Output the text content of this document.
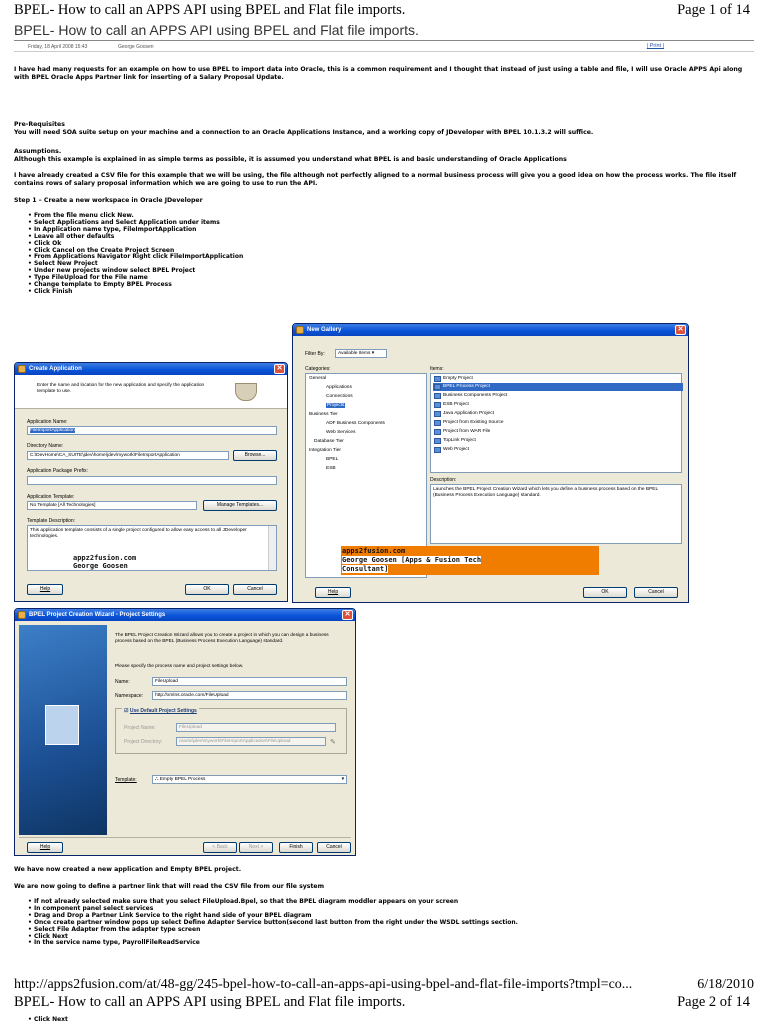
BPEL- How to call an APPS API using BPEL and Flat file imports.	Page 1 of 14
BPEL- How to call an APPS API using BPEL and Flat file imports.
Friday, 18 April 2008 15:43	George Goosen	| Print |
I have had many requests for an example on how to use BPEL to import data into Oracle, this is a common requirement and I thought that instead of just using a table and file, I will use Oracle APPS Api along with BPEL Oracle Apps Partner link for inserting of a Salary Proposal Update.
Pre-Requisites
You will need SOA suite setup on your machine and a connection to an Oracle Applications Instance, and a working copy of JDeveloper with BPEL 10.1.3.2 will suffice.
Assumptions.
Although this example is explained in as simple terms as possible, it is assumed you understand what BPEL is and basic understanding of Oracle Applications
I have already created a CSV file for this example that we will be using, the file although not perfectly aligned to a normal business process will give you a good idea on how the process works. The file itself contains rows of salary proposal information which we are going to use to run the API.
Step 1 – Create a new workspace in Oracle JDeveloper
• From the file menu click New.
• Select Applications and Select Application under items
• In Application name type, FileImportApplication
• Leave all other defaults
• Click Ok
• Click Cancel on the Create Project Screen
• From Applications Navigator Right click FileImportApplication
• Select New Project
• Under new projects window select BPEL Project
• Type FileUpload for the File name
• Change template to Empty BPEL Process
• Click Finish
New Gallery	✕
Filter By:	Available Items ▾
Categories:
General
Applications
Connections
Projects
Business Tier
ADF Business Components
Web Services
Database Tier
Integration Tier
BPEL
ESB
Items:
Empty Project
BPEL Process Project
Business Components Project
ESB Project
Java Application Project
Project from Existing Source
Project from WAR File
TopLink Project
Web Project
Description:
Launches the BPEL Project Creation Wizard which lets you define a business process based on the BPEL (Business Process Execution Language) standard.
apps2fusion.com
George Goosen [Apps & Fusion Tech
Consultant]
Help	OK	Cancel
Create Application	✕
Enter the name and location for the new application and specify the application template to use.
Application Name:
FileImportApplication
Directory Name:
C:\DevHome\CA_SUITE\jdev\home\jdev\mywork\FileImportApplication	Browse...
Application Package Prefix:
Application Template:
No Template [All Technologies]	Manage Templates...
Template Description:
This application template consists of a single project configured to allow easy access to all JDeveloper technologies.
appz2fusion.com
George Goosen
Help	OK	Cancel
BPEL Project Creation Wizard - Project Settings	✕
The BPEL Project Creation Wizard allows you to create a project in which you can design a business process based on the BPEL (Business Process Execution Language) standard.
Please specify the process name and project settings below.
Name:	FileUpload
Namespace:	http://xmlns.oracle.com/FileUpload
☑ Use Default Project Settings
Project Name:	FileUpload
Project Directory:	oracle\jdev\mywork\FileImportApplication\FileUpload	✎
Template:	⛬ Empty BPEL Process	▾
Help	< Back	Next >	Finish	Cancel
We have now created a new application and Empty BPEL project.
We are now going to define a partner link that will read the CSV file from our file system
• If not already selected make sure that you select FileUpload.Bpel, so that the BPEL diagram moddler appears on your screen
• In component panel select services
• Drag and Drop a Partner Link Service to the right hand side of your BPEL diagram
• Once create partner window pops up select Define Adapter Service button(second last button from the right under the WSDL settings section.
• Select File Adapter from the adapter type screen
• Click Next
• In the service name type, PayrollFileReadService
http://apps2fusion.com/at/48-gg/245-bpel-how-to-call-an-apps-api-using-bpel-and-flat-file-imports?tmpl=co...	6/18/2010
BPEL- How to call an APPS API using BPEL and Flat file imports.	Page 2 of 14
• Click Next
